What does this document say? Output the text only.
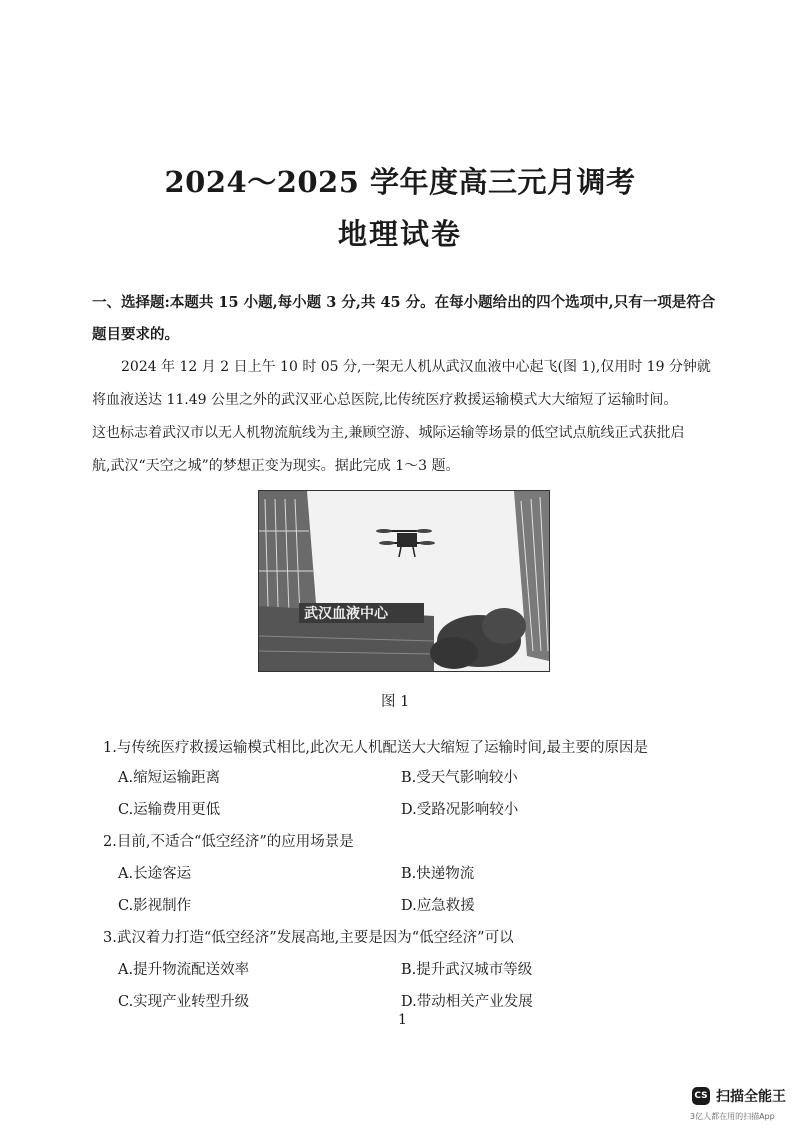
2024～2025 学年度高三元月调考
地理试卷
一、选择题:本题共 15 小题,每小题 3 分,共 45 分。在每小题给出的四个选项中,只有一项是符合
题目要求的。
2024 年 12 月 2 日上午 10 时 05 分,一架无人机从武汉血液中心起飞(图 1),仅用时 19 分钟就
将血液送达 11.49 公里之外的武汉亚心总医院,比传统医疗救援运输模式大大缩短了运输时间。
这也标志着武汉市以无人机物流航线为主,兼顾空游、城际运输等场景的低空试点航线正式获批启
航,武汉“天空之城”的梦想正变为现实。据此完成 1～3 题。
武汉血液中心
图 1
1.与传统医疗救援运输模式相比,此次无人机配送大大缩短了运输时间,最主要的原因是
A.缩短运输距离	B.受天气影响较小
C.运输费用更低	D.受路况影响较小
2.目前,不适合“低空经济”的应用场景是
A.长途客运	B.快递物流
C.影视制作	D.应急救援
3.武汉着力打造“低空经济”发展高地,主要是因为“低空经济”可以
A.提升物流配送效率	B.提升武汉城市等级
C.实现产业转型升级	D.带动相关产业发展
1
CS 扫描全能王
3亿人都在用的扫描App
